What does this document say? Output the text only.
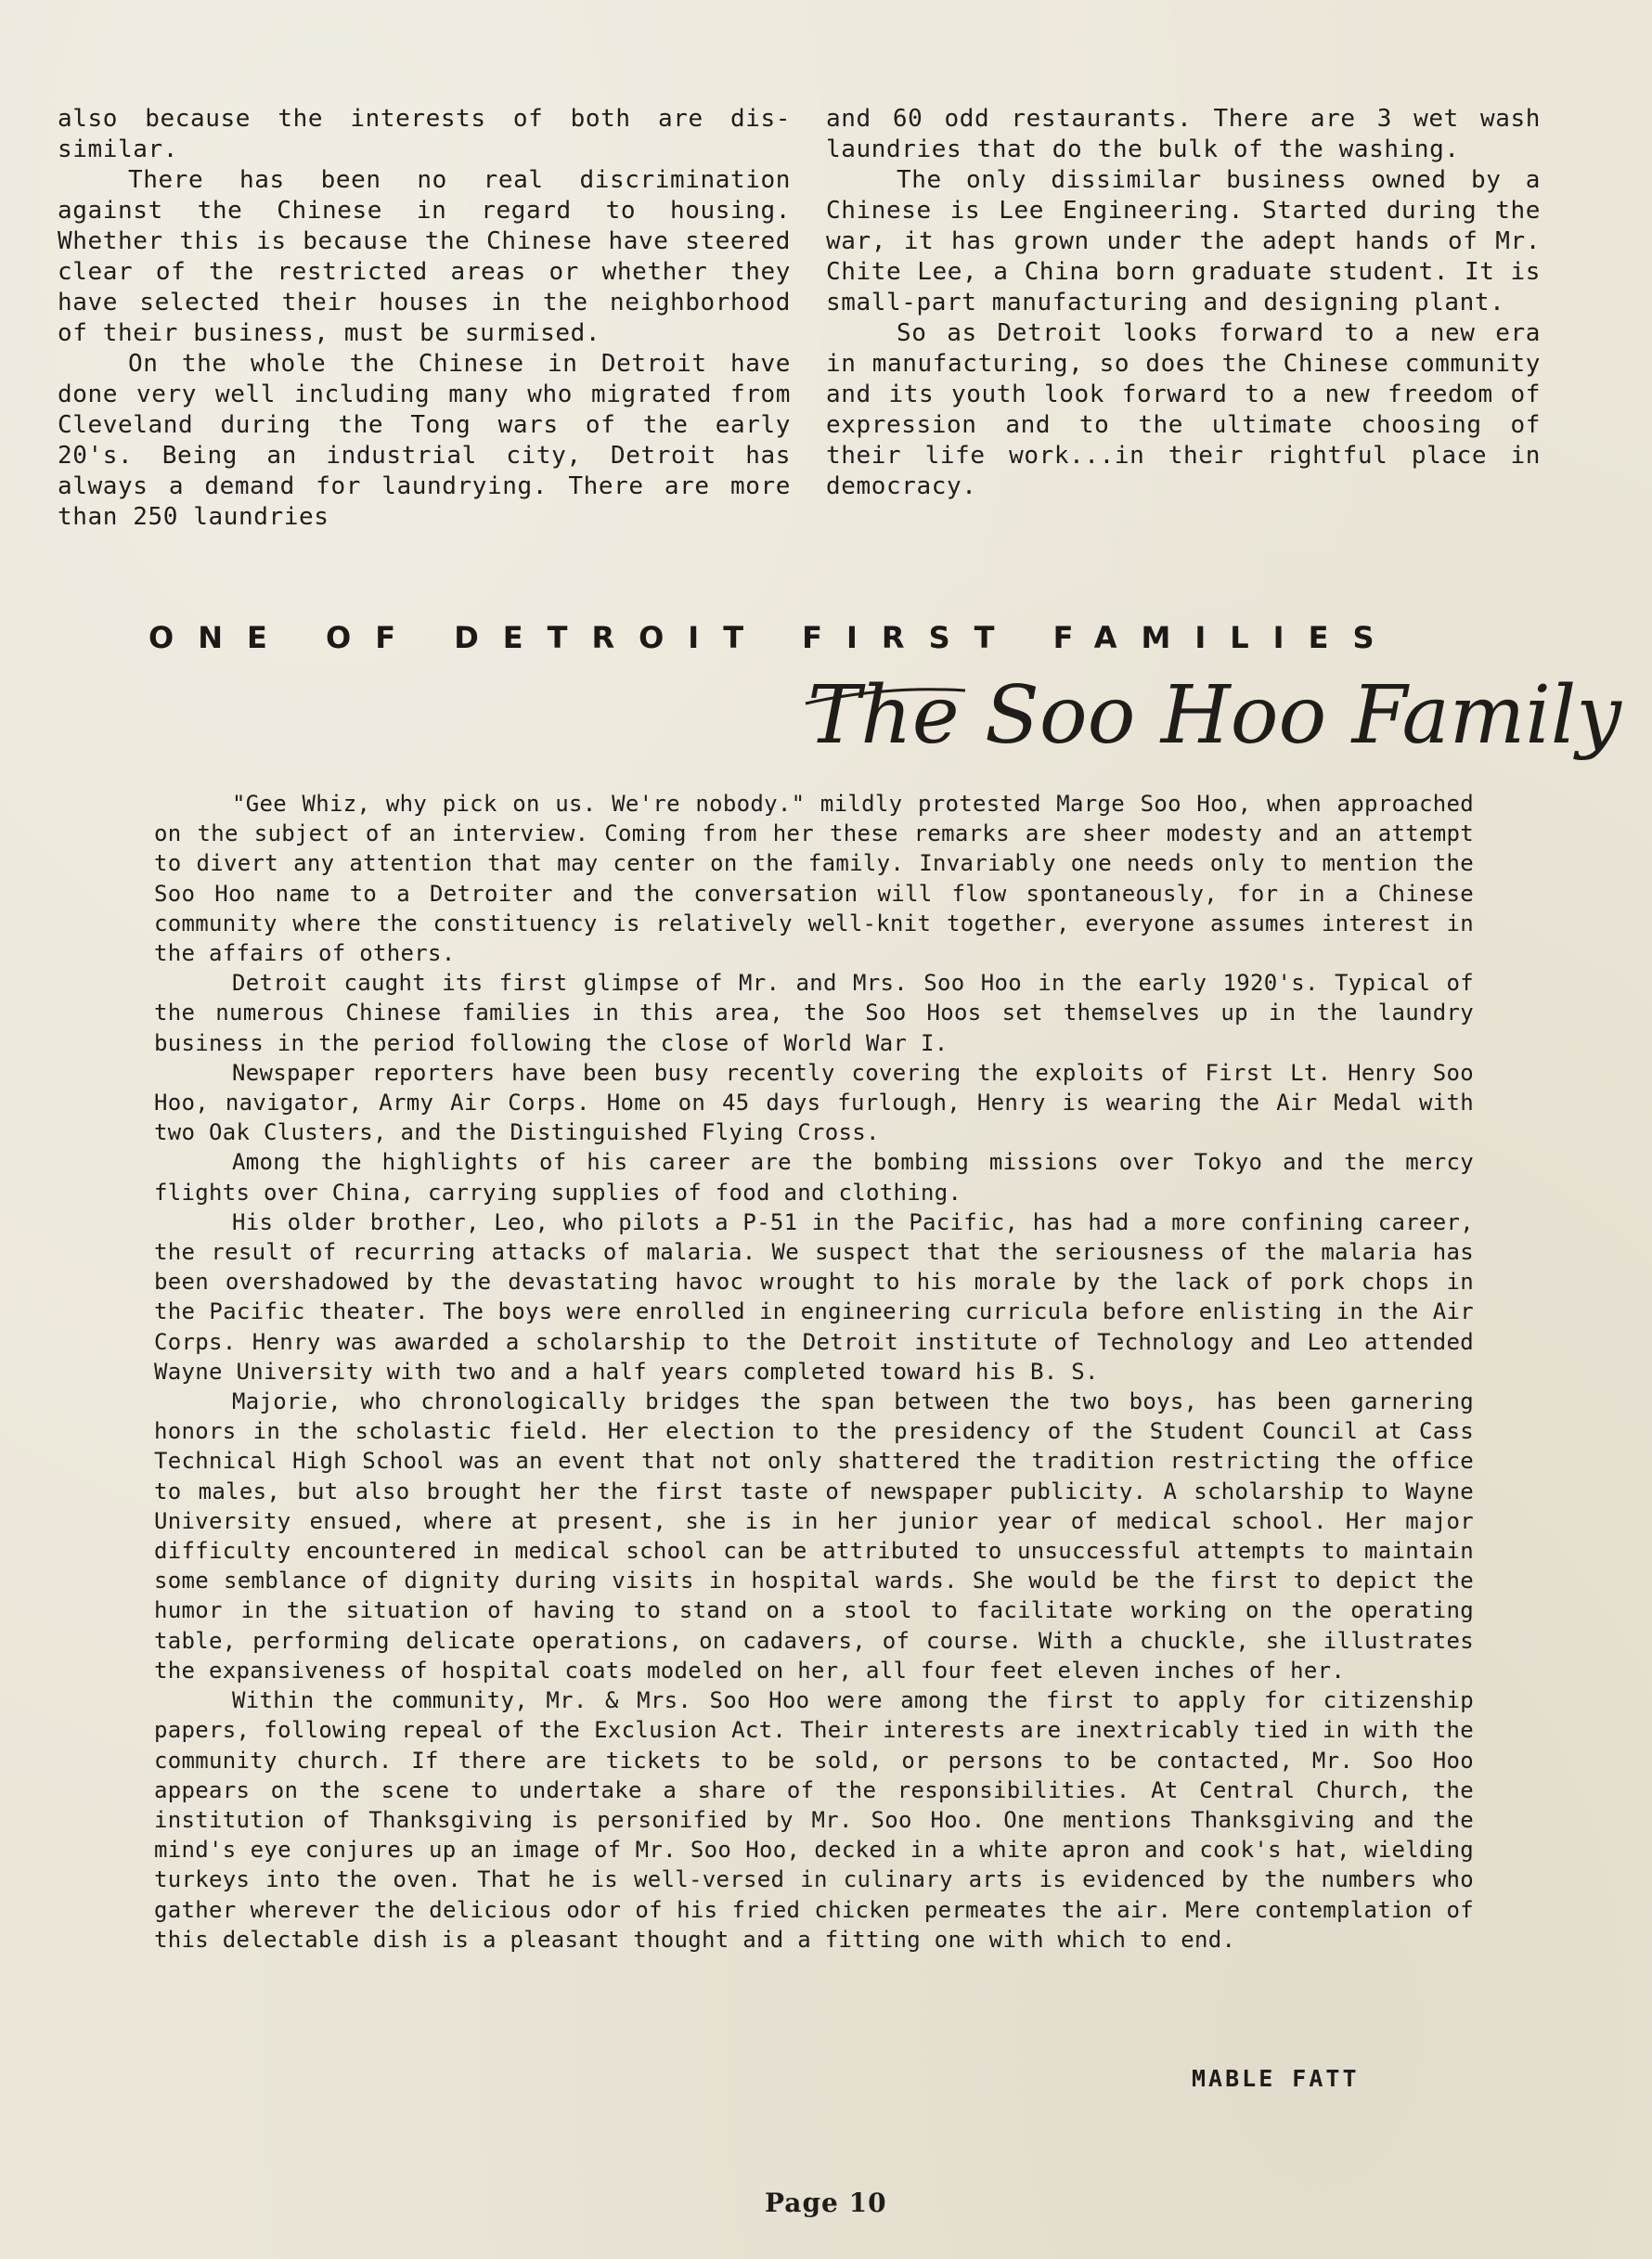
also because the interests of both are dis-similar.

There has been no real discrimination against the Chinese in regard to housing. Whether this is because the Chinese have steered clear of the restricted areas or whether they have selected their houses in the neighborhood of their business, must be surmised.

On the whole the Chinese in Detroit have done very well including many who migrated from Cleveland during the Tong wars of the early 20's. Being an industrial city, Detroit has always a demand for laundrying. There are more than 250 laundries

and 60 odd restaurants. There are 3 wet wash laundries that do the bulk of the washing.

The only dissimilar business owned by a Chinese is Lee Engineering. Started during the war, it has grown under the adept hands of Mr. Chite Lee, a China born graduate student. It is small-part manufacturing and designing plant.

So as Detroit looks forward to a new era in manufacturing, so does the Chinese community and its youth look forward to a new freedom of expression and to the ultimate choosing of their life work...in their rightful place in democracy.

ONE OF DETROIT FIRST FAMILIES
The Soo Hoo Family

"Gee Whiz, why pick on us. We're nobody." mildly protested Marge Soo Hoo, when approached on the subject of an interview. Coming from her these remarks are sheer modesty and an attempt to divert any attention that may center on the family. Invariably one needs only to mention the Soo Hoo name to a Detroiter and the conversation will flow spontaneously, for in a Chinese community where the constituency is relatively well-knit together, everyone assumes interest in the affairs of others.

Detroit caught its first glimpse of Mr. and Mrs. Soo Hoo in the early 1920's. Typical of the numerous Chinese families in this area, the Soo Hoos set themselves up in the laundry business in the period following the close of World War I.

Newspaper reporters have been busy recently covering the exploits of First Lt. Henry Soo Hoo, navigator, Army Air Corps. Home on 45 days furlough, Henry is wearing the Air Medal with two Oak Clusters, and the Distinguished Flying Cross.

Among the highlights of his career are the bombing missions over Tokyo and the mercy flights over China, carrying supplies of food and clothing.

His older brother, Leo, who pilots a P-51 in the Pacific, has had a more confining career, the result of recurring attacks of malaria. We suspect that the seriousness of the malaria has been overshadowed by the devastating havoc wrought to his morale by the lack of pork chops in the Pacific theater. The boys were enrolled in engineering curricula before enlisting in the Air Corps. Henry was awarded a scholarship to the Detroit institute of Technology and Leo attended Wayne University with two and a half years completed toward his B. S.

Majorie, who chronologically bridges the span between the two boys, has been garnering honors in the scholastic field. Her election to the presidency of the Student Council at Cass Technical High School was an event that not only shattered the tradition restricting the office to males, but also brought her the first taste of newspaper publicity. A scholarship to Wayne University ensued, where at present, she is in her junior year of medical school. Her major difficulty encountered in medical school can be attributed to unsuccessful attempts to maintain some semblance of dignity during visits in hospital wards. She would be the first to depict the humor in the situation of having to stand on a stool to facilitate working on the operating table, performing delicate operations, on cadavers, of course. With a chuckle, she illustrates the expansiveness of hospital coats modeled on her, all four feet eleven inches of her.

Within the community, Mr. & Mrs. Soo Hoo were among the first to apply for citizenship papers, following repeal of the Exclusion Act. Their interests are inextricably tied in with the community church. If there are tickets to be sold, or persons to be contacted, Mr. Soo Hoo appears on the scene to undertake a share of the responsibilities. At Central Church, the institution of Thanksgiving is personified by Mr. Soo Hoo. One mentions Thanksgiving and the mind's eye conjures up an image of Mr. Soo Hoo, decked in a white apron and cook's hat, wielding turkeys into the oven. That he is well-versed in culinary arts is evidenced by the numbers who gather wherever the delicious odor of his fried chicken permeates the air. Mere contemplation of this delectable dish is a pleasant thought and a fitting one with which to end.

MABLE FATT
Page 10
